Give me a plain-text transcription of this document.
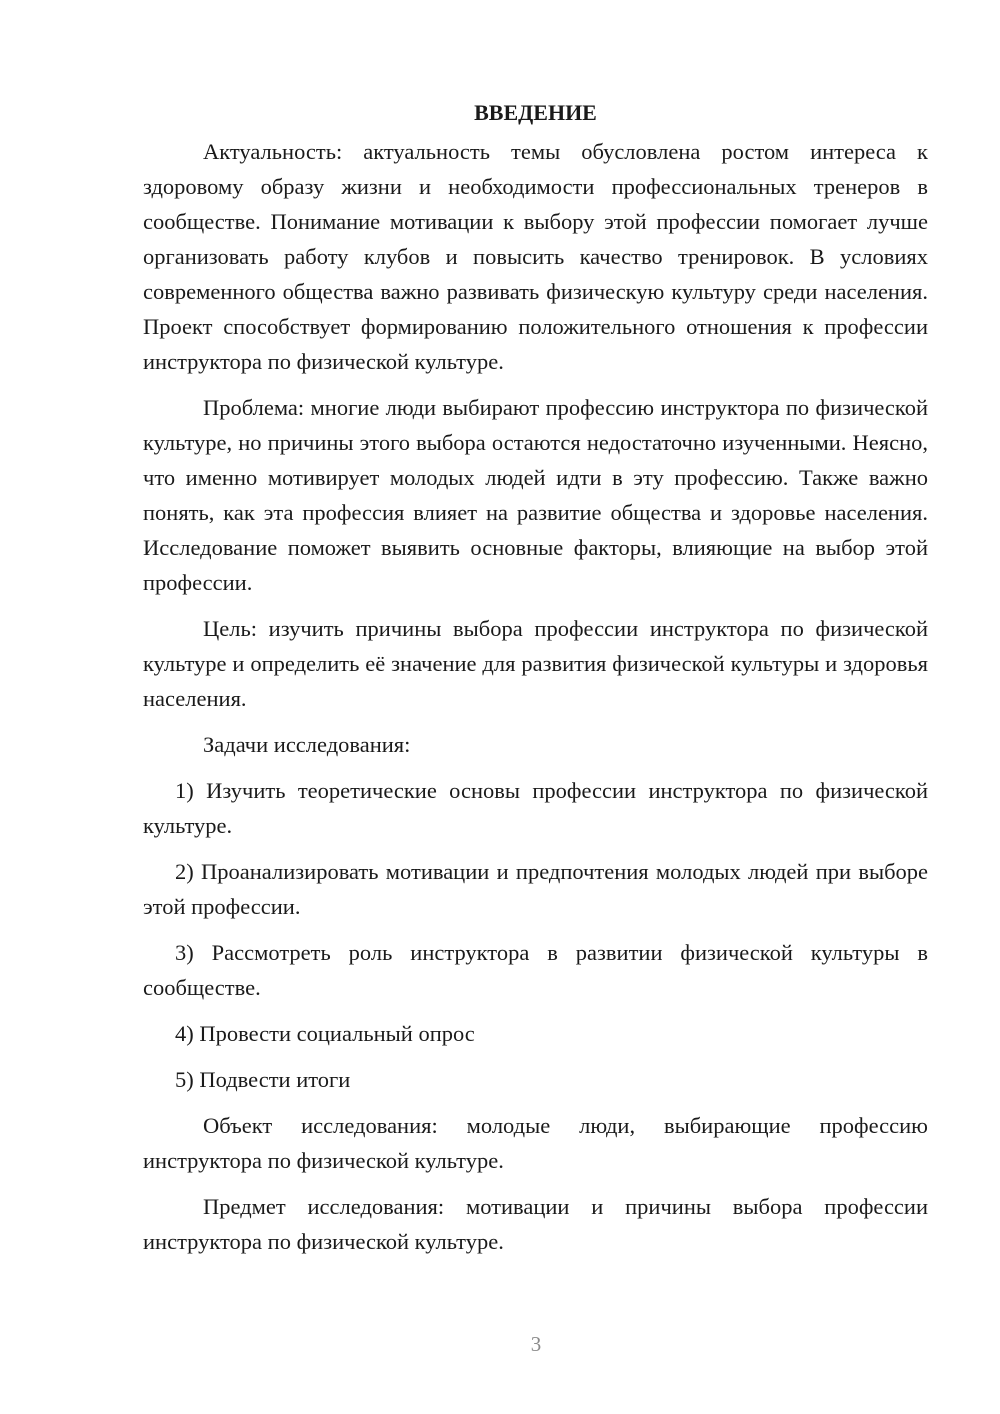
ВВЕДЕНИЕ

Актуальность: актуальность темы обусловлена ростом интереса к здоровому образу жизни и необходимости профессиональных тренеров в сообществе. Понимание мотивации к выбору этой профессии помогает лучше организовать работу клубов и повысить качество тренировок. В условиях современного общества важно развивать физическую культуру среди населения. Проект способствует формированию положительного отношения к профессии инструктора по физической культуре.

Проблема: многие люди выбирают профессию инструктора по физической культуре, но причины этого выбора остаются недостаточно изученными. Неясно, что именно мотивирует молодых людей идти в эту профессию. Также важно понять, как эта профессия влияет на развитие общества и здоровье населения. Исследование поможет выявить основные факторы, влияющие на выбор этой профессии.

Цель: изучить причины выбора профессии инструктора по физической культуре и определить её значение для развития физической культуры и здоровья населения.

Задачи исследования:

1) Изучить теоретические основы профессии инструктора по физической культуре.

2) Проанализировать мотивации и предпочтения молодых людей при выборе этой профессии.

3) Рассмотреть роль инструктора в развитии физической культуры в сообществе.

4) Провести социальный опрос

5) Подвести итоги

Объект исследования: молодые люди, выбирающие профессию инструктора по физической культуре.

Предмет исследования: мотивации и причины выбора профессии инструктора по физической культуре.

3
